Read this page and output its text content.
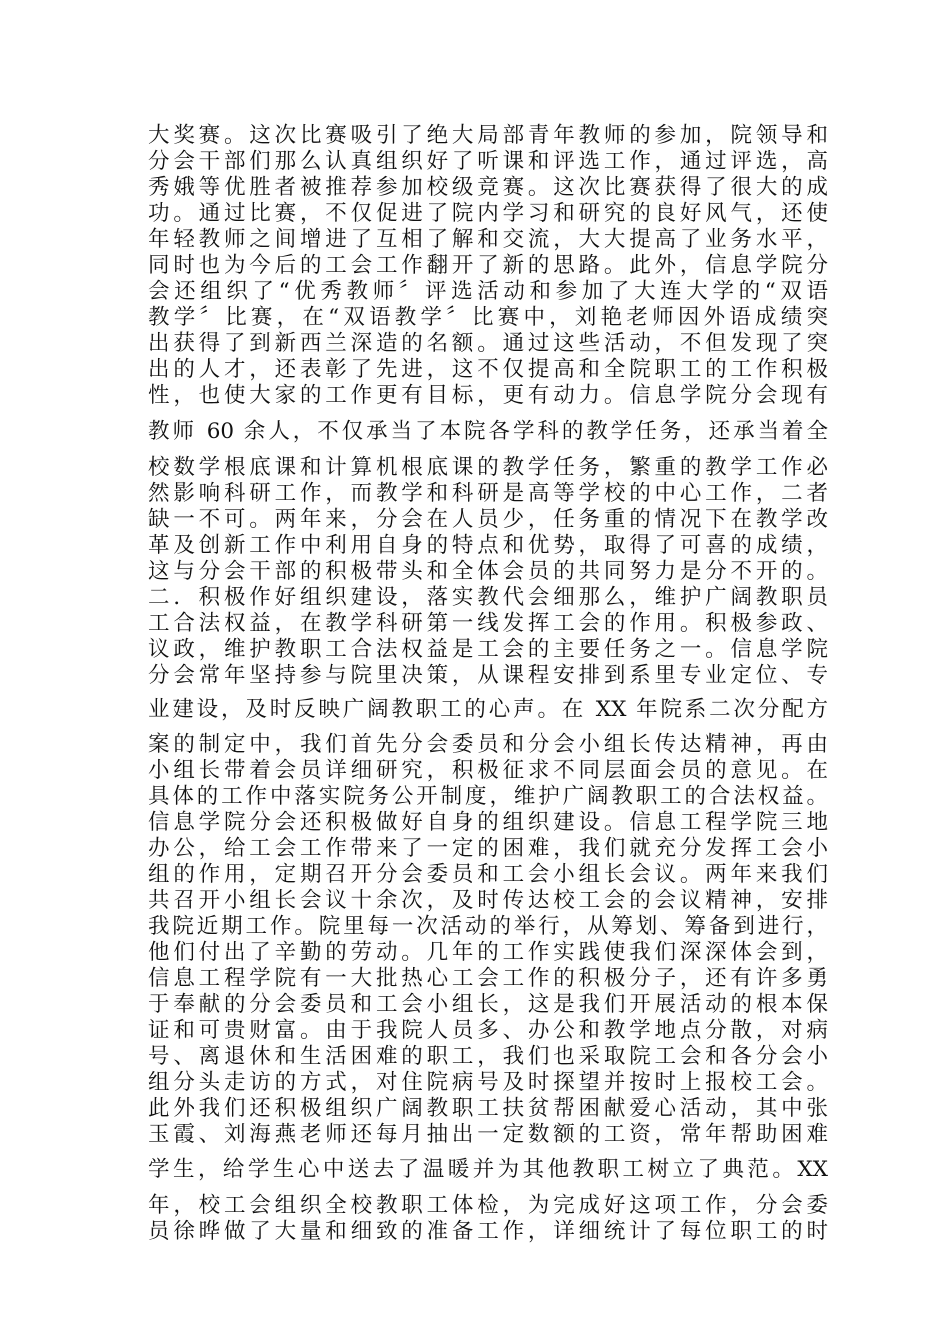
大奖赛。这次比赛吸引了绝大局部青年教师的参加，院领导和
分会干部们那么认真组织好了听课和评选工作，通过评选，高
秀娥等优胜者被推荐参加校级竞赛。这次比赛获得了很大的成
功。通过比赛，不仅促进了院内学习和研究的良好风气，还使
年轻教师之间增进了互相了解和交流，大大提高了业务水平，
同时也为今后的工会工作翻开了新的思路。此外，信息学院分
会还组织了“优秀教师〞评选活动和参加了大连大学的“双语
教学〞比赛，在“双语教学〞比赛中，刘艳老师因外语成绩突
出获得了到新西兰深造的名额。通过这些活动，不但发现了突
出的人才，还表彰了先进，这不仅提高和全院职工的工作积极
性，也使大家的工作更有目标，更有动力。信息学院分会现有
教师 60 余人，不仅承当了本院各学科的教学任务，还承当着全
校数学根底课和计算机根底课的教学任务，繁重的教学工作必
然影响科研工作，而教学和科研是高等学校的中心工作，二者
缺一不可。两年来，分会在人员少，任务重的情况下在教学改
革及创新工作中利用自身的特点和优势，取得了可喜的成绩，
这与分会干部的积极带头和全体会员的共同努力是分不开的。
二．积极作好组织建设，落实教代会细那么，维护广阔教职员
工合法权益，在教学科研第一线发挥工会的作用。积极参政、
议政，维护教职工合法权益是工会的主要任务之一。信息学院
分会常年坚持参与院里决策，从课程安排到系里专业定位、专
业建设，及时反映广阔教职工的心声。在 XX 年院系二次分配方
案的制定中，我们首先分会委员和分会小组长传达精神，再由
小组长带着会员详细研究，积极征求不同层面会员的意见。在
具体的工作中落实院务公开制度，维护广阔教职工的合法权益。
信息学院分会还积极做好自身的组织建设。信息工程学院三地
办公，给工会工作带来了一定的困难，我们就充分发挥工会小
组的作用，定期召开分会委员和工会小组长会议。两年来我们
共召开小组长会议十余次，及时传达校工会的会议精神，安排
我院近期工作。院里每一次活动的举行，从筹划、筹备到进行，
他们付出了辛勤的劳动。几年的工作实践使我们深深体会到，
信息工程学院有一大批热心工会工作的积极分子，还有许多勇
于奉献的分会委员和工会小组长，这是我们开展活动的根本保
证和可贵财富。由于我院人员多、办公和教学地点分散，对病
号、离退休和生活困难的职工，我们也采取院工会和各分会小
组分头走访的方式，对住院病号及时探望并按时上报校工会。
此外我们还积极组织广阔教职工扶贫帮困献爱心活动，其中张
玉霞、刘海燕老师还每月抽出一定数额的工资，常年帮助困难
学生，给学生心中送去了温暖并为其他教职工树立了典范。XX
年，校工会组织全校教职工体检，为完成好这项工作，分会委
员徐晔做了大量和细致的准备工作，详细统计了每位职工的时
